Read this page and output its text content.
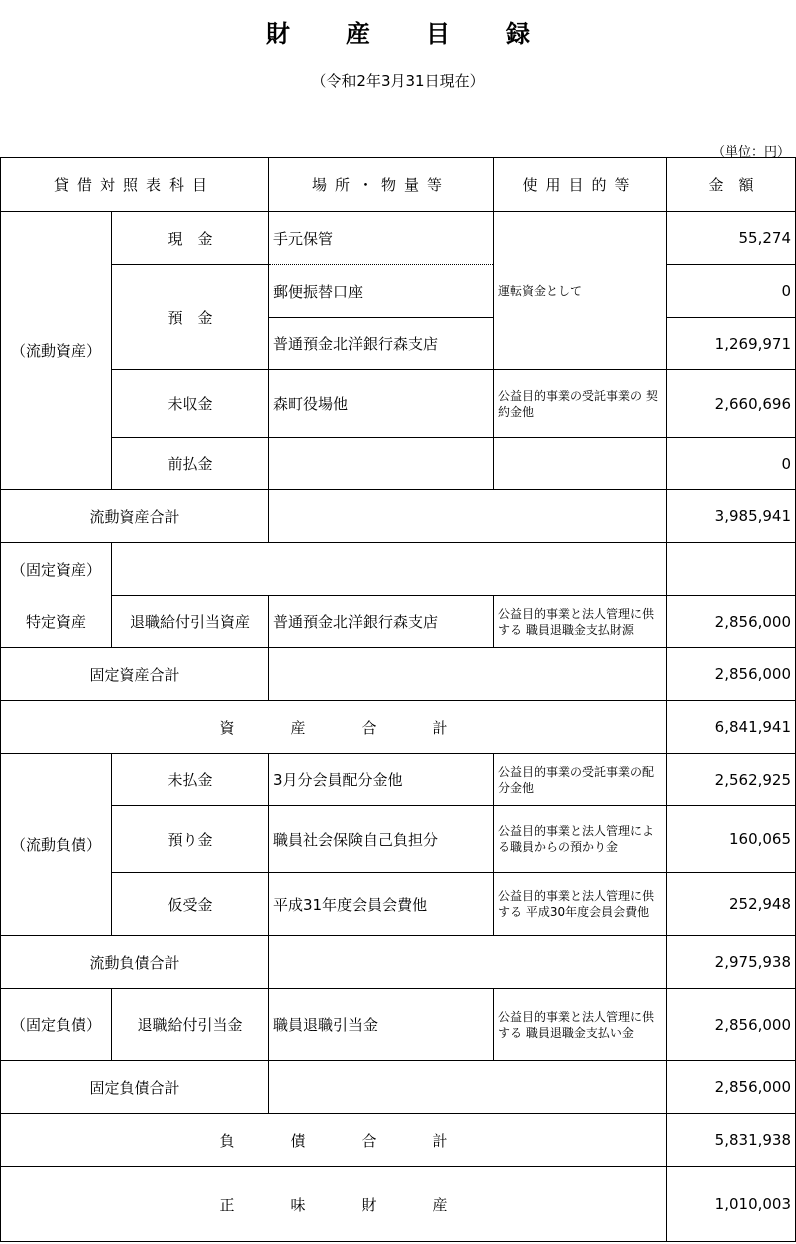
財 産 目 録
（令和2年3月31日現在）
（単位：円）
貸借対照表科目		場所・物量等	使用目的等	金　額
（流動資産）	現　金	手元保管	運転資金として	55,274
	預　金	郵便振替口座		0
		普通預金北洋銀行森支店		1,269,971
	未収金	森町役場他	公益目的事業の受託事業の 契約金他	2,660,696
	前払金			0
流動資産合計				3,985,941
（固定資産）				
特定資産	退職給付引当資産	普通預金北洋銀行森支店	公益目的事業と法人管理に供する 職員退職金支払財源	2,856,000
固定資産合計				2,856,000
資 産 合 計				6,841,941
（流動負債）	未払金	3月分会員配分金他	公益目的事業の受託事業の配分金他	2,562,925
	預り金	職員社会保険自己負担分	公益目的事業と法人管理による職員からの預かり金	160,065
	仮受金	平成31年度会員会費他	公益目的事業と法人管理に供する 平成30年度会員会費他	252,948
流動負債合計				2,975,938
（固定負債）	退職給付引当金	職員退職引当金	公益目的事業と法人管理に供する 職員退職金支払い金	2,856,000
固定負債合計				2,856,000
負 債 合 計				5,831,938
正 味 財 産				1,010,003
